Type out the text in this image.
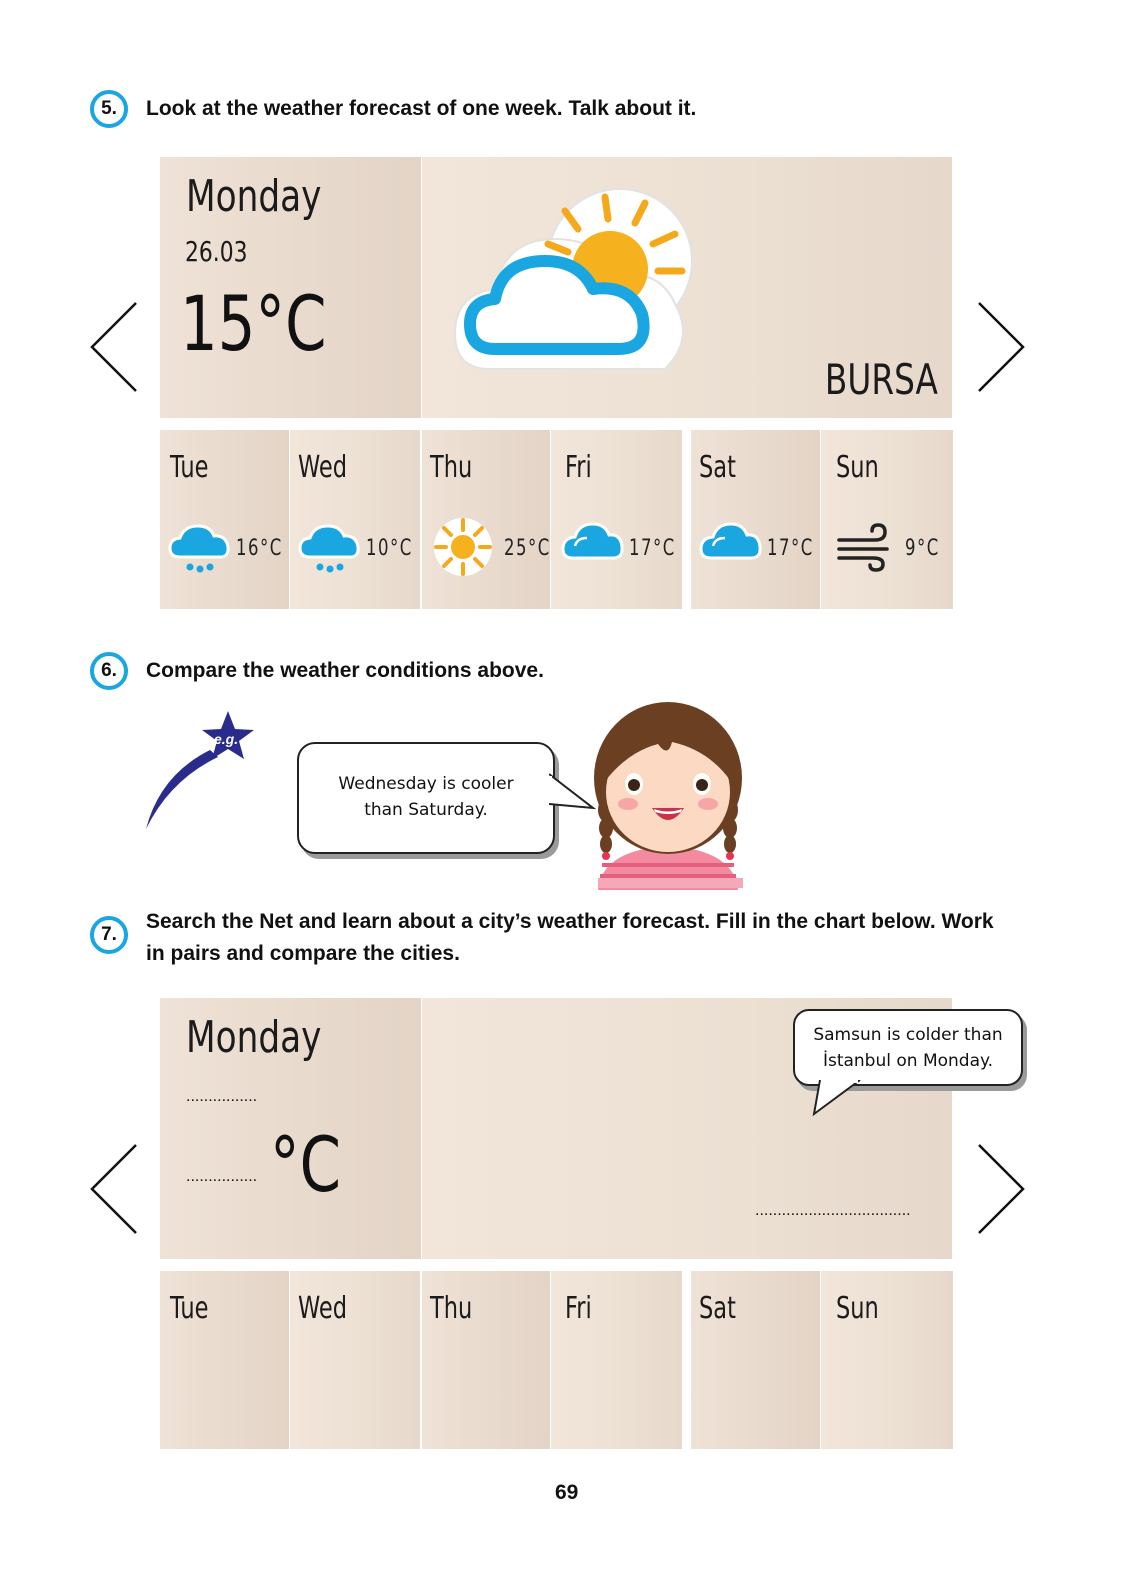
5.	Look at the weather forecast of one week. Talk about it.
Monday
26.03
15°C
BURSA
Tue
16°C
Wed
10°C
Thu
25°C
Fri
17°C
Sat
17°C
Sun
9°C
6.	Compare the weather conditions above.
e.g.
Wednesday is cooler
than Saturday.
7.
Search the Net and learn about a city’s weather forecast. Fill in the chart below. Work
in pairs and compare the cities.
Monday
................
................ °C
...................................
Samsun is colder than
İstanbul on Monday.
Tue	Wed	Thu	Fri	Sat	Sun
69
